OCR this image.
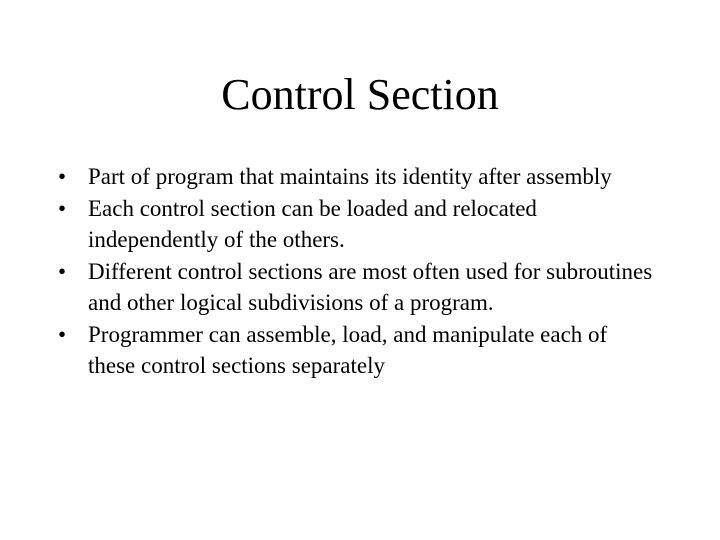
Control Section
• Part of program that maintains its identity after assembly
• Each control section can be loaded and relocated independently of the others.
• Different control sections are most often used for subroutines and other logical subdivisions of a program.
• Programmer can assemble, load, and manipulate each of these control sections separately
